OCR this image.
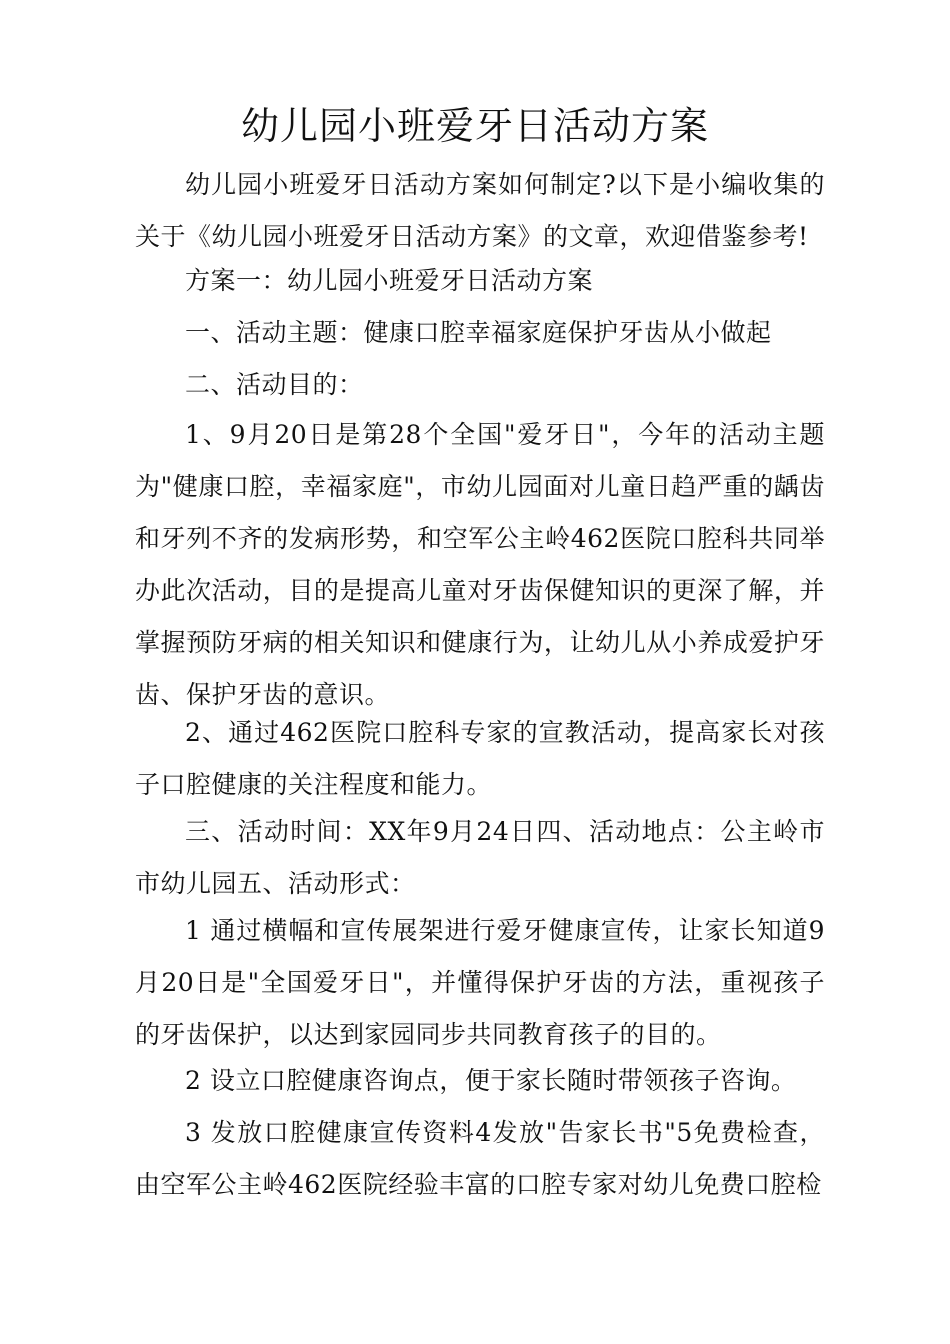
幼儿园小班爱牙日活动方案

幼儿园小班爱牙日活动方案如何制定?以下是小编收集的关于《幼儿园小班爱牙日活动方案》的文章，欢迎借鉴参考!

方案一：幼儿园小班爱牙日活动方案

一、活动主题：健康口腔幸福家庭保护牙齿从小做起

二、活动目的：

1、9月20日是第28个全国"爱牙日"，今年的活动主题为"健康口腔，幸福家庭"，市幼儿园面对儿童日趋严重的龋齿和牙列不齐的发病形势，和空军公主岭462医院口腔科共同举办此次活动，目的是提高儿童对牙齿保健知识的更深了解，并掌握预防牙病的相关知识和健康行为，让幼儿从小养成爱护牙齿、保护牙齿的意识。

2、通过462医院口腔科专家的宣教活动，提高家长对孩子口腔健康的关注程度和能力。

三、活动时间：XX年9月24日四、活动地点：公主岭市市幼儿园五、活动形式：

1 通过横幅和宣传展架进行爱牙健康宣传，让家长知道9月20日是"全国爱牙日"，并懂得保护牙齿的方法，重视孩子的牙齿保护，以达到家园同步共同教育孩子的目的。

2 设立口腔健康咨询点，便于家长随时带领孩子咨询。

3 发放口腔健康宣传资料4发放"告家长书"5免费检查，由空军公主岭462医院经验丰富的口腔专家对幼儿免费口腔检
